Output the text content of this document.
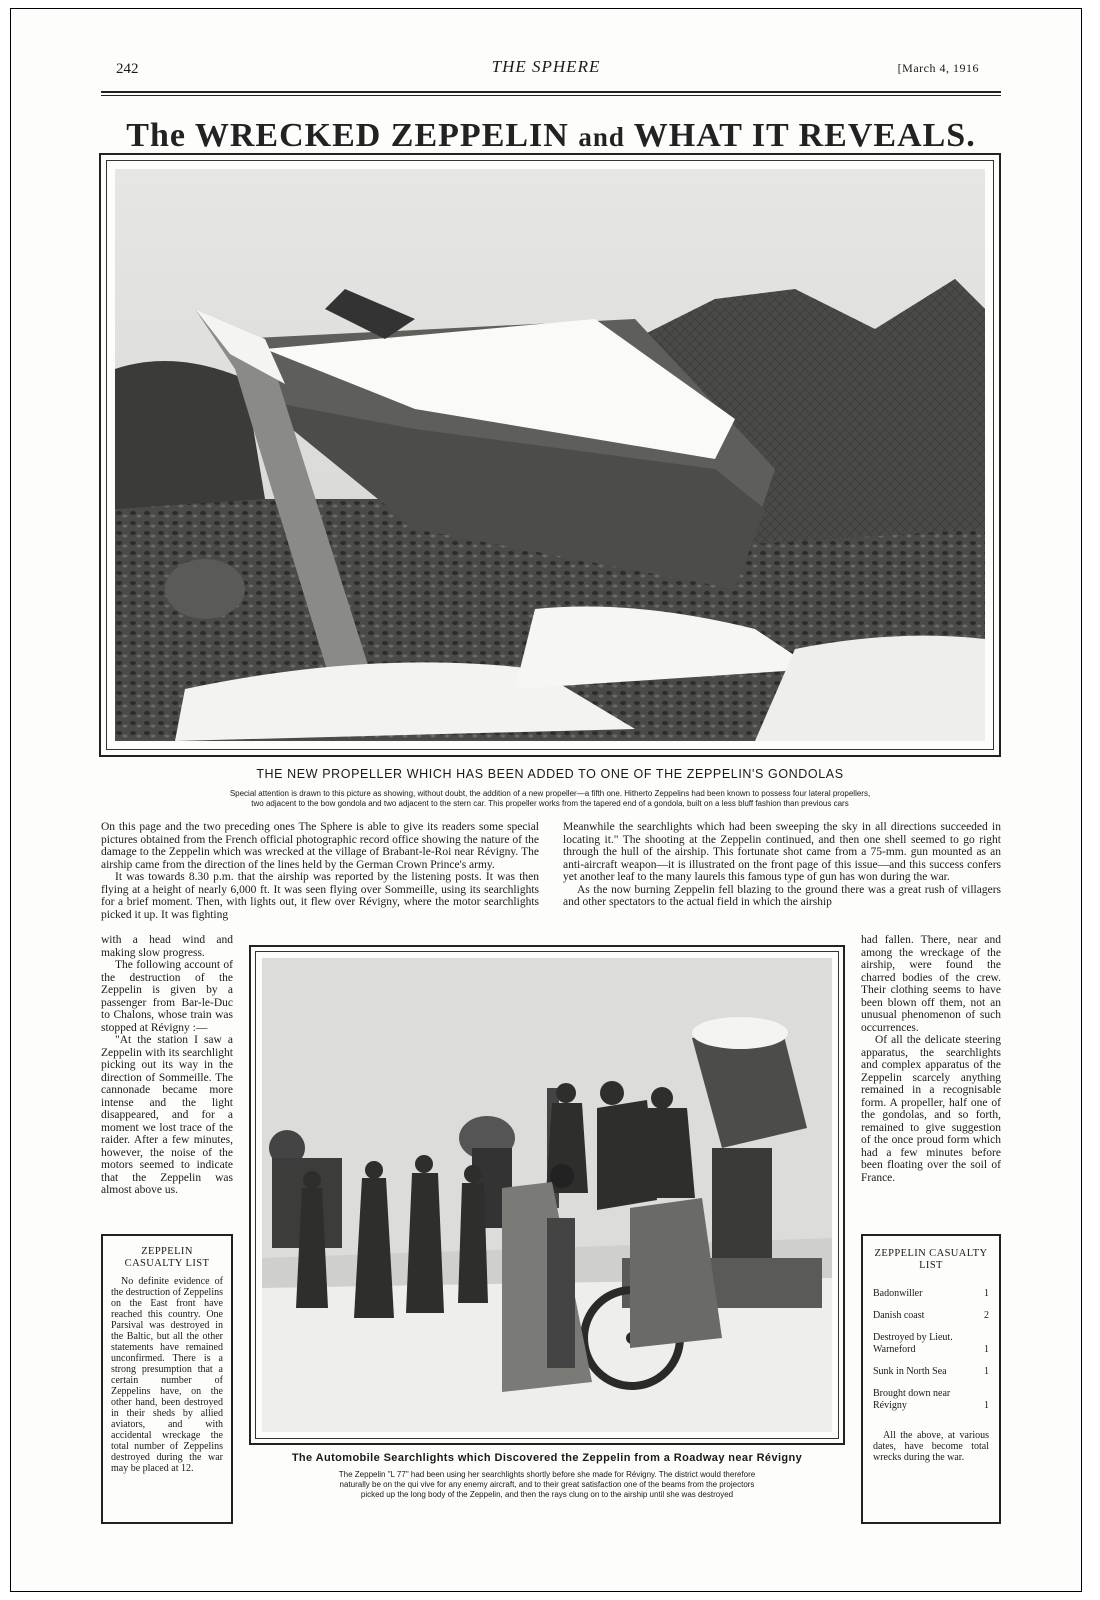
242	THE SPHERE	[March 4, 1916
The WRECKED ZEPPELIN and WHAT IT REVEALS.
THE NEW PROPELLER WHICH HAS BEEN ADDED TO ONE OF THE ZEPPELIN'S GONDOLAS
Special attention is drawn to this picture as showing, without doubt, the addition of a new propeller—a fifth one. Hitherto Zeppelins had been known to possess four lateral propellers,
two adjacent to the bow gondola and two adjacent to the stern car. This propeller works from the tapered end of a gondola, built on a less bluff fashion than previous cars

On this page and the two preceding ones The Sphere is able to give its readers some special pictures obtained from the French official photographic record office showing the nature of the damage to the Zeppelin which was wrecked at the village of Brabant-le-Roi near Révigny. The airship came from the direction of the lines held by the German Crown Prince's army.

It was towards 8.30 p.m. that the airship was reported by the listening posts. It was then flying at a height of nearly 6,000 ft. It was seen flying over Sommeille, using its searchlights for a brief moment. Then, with lights out, it flew over Révigny, where the motor searchlights picked it up. It was fighting

with a head wind and making slow progress.

The following account of the destruction of the Zeppelin is given by a passenger from Bar-le-Duc to Chalons, whose train was stopped at Révigny :—

"At the station I saw a Zeppelin with its searchlight picking out its way in the direction of Sommeille. The cannonade became more intense and the light disappeared, and for a moment we lost trace of the raider. After a few minutes, however, the noise of the motors seemed to indicate that the Zeppelin was almost above us.

Meanwhile the searchlights which had been sweeping the sky in all directions succeeded in locating it." The shooting at the Zeppelin continued, and then one shell seemed to go right through the hull of the airship. This fortunate shot came from a 75-mm. gun mounted as an anti-aircraft weapon—it is illustrated on the front page of this issue—and this success confers yet another leaf to the many laurels this famous type of gun has won during the war.

As the now burning Zeppelin fell blazing to the ground there was a great rush of villagers and other spectators to the actual field in which the airship

had fallen. There, near and among the wreckage of the airship, were found the charred bodies of the crew. Their clothing seems to have been blown off them, not an unusual phenomenon of such occurrences.

Of all the delicate steering apparatus, the searchlights and complex apparatus of the Zeppelin scarcely anything remained in a recognisable form. A propeller, half one of the gondolas, and so forth, remained to give suggestion of the once proud form which had a few minutes before been floating over the soil of France.

The Automobile Searchlights which Discovered the Zeppelin from a Roadway near Révigny
The Zeppelin "L 77" had been using her searchlights shortly before she made for Révigny. The district would therefore
naturally be on the qui vive for any enemy aircraft, and to their great satisfaction one of the beams from the projectors
picked up the long body of the Zeppelin, and then the rays clung on to the airship until she was destroyed
ZEPPELIN CASUALTY LIST
No definite evidence of the destruction of Zeppelins on the East front have reached this country. One Parsival was destroyed in the Baltic, but all the other statements have remained unconfirmed. There is a strong presumption that a certain number of Zeppelins have, on the other hand, been destroyed in their sheds by allied aviators, and with accidental wreckage the total number of Zeppelins destroyed during the war may be placed at 12.
ZEPPELIN CASUALTY LIST
Badonwiller	1
Danish coast	2
Destroyed by Lieut. Warneford	1
Sunk in North Sea	1
Brought down near Révigny	1
All the above, at various dates, have become total wrecks during the war.
